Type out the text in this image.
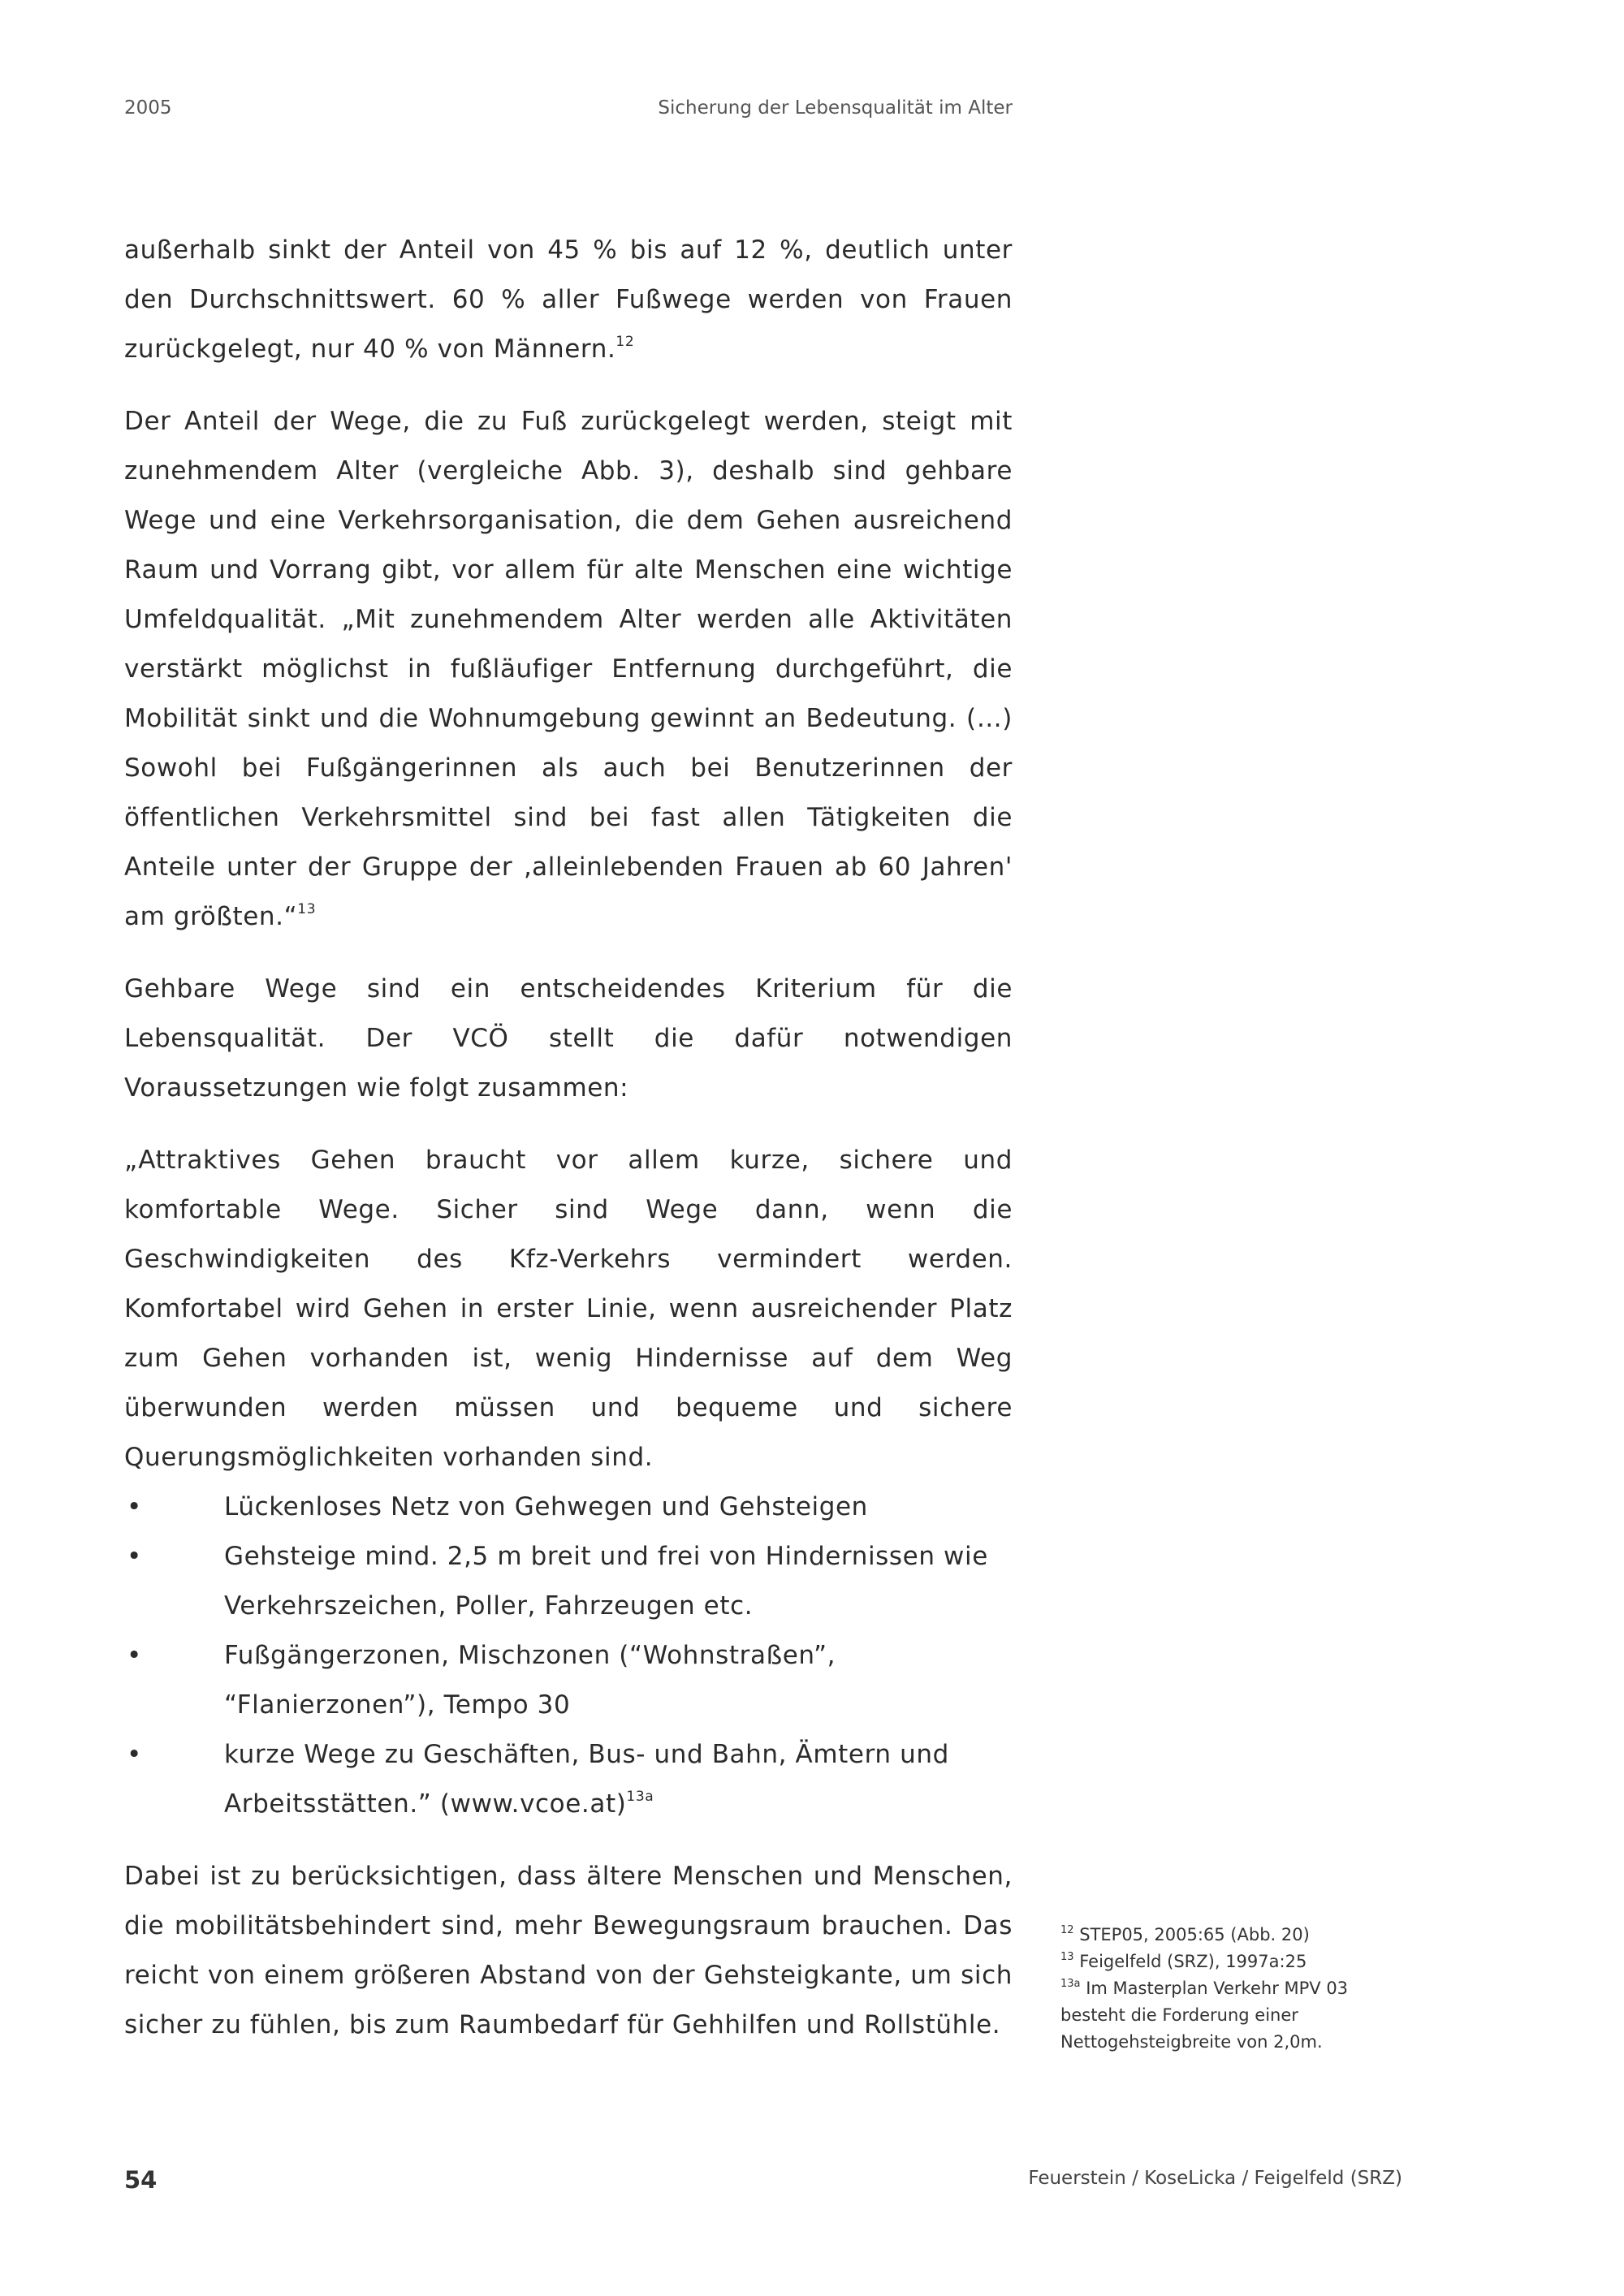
2005	Sicherung der Lebensqualität im Alter

außerhalb sinkt der Anteil von 45 % bis auf 12 %, deutlich unter den Durchschnittswert. 60 % aller Fußwege werden von Frauen zurückgelegt, nur 40 % von Männern.$^{12}$

Der Anteil der Wege, die zu Fuß zurückgelegt werden, steigt mit zunehmendem Alter (vergleiche Abb. 3), deshalb sind gehbare Wege und eine Verkehrsorganisation, die dem Gehen ausreichend Raum und Vorrang gibt, vor allem für alte Menschen eine wichtige Umfeldqualität. „Mit zunehmendem Alter werden alle Aktivitäten verstärkt möglichst in fußläufiger Entfernung durchgeführt, die Mobilität sinkt und die Wohnumgebung gewinnt an Bedeutung. (…) Sowohl bei Fußgängerinnen als auch bei Benutzerinnen der öffentlichen Verkehrsmittel sind bei fast allen Tätigkeiten die Anteile unter der Gruppe der ‚alleinlebenden Frauen ab 60 Jahren' am größten.“$^{13}$

Gehbare Wege sind ein entscheidendes Kriterium für die Lebensqualität. Der VCÖ stellt die dafür notwendigen Voraussetzungen wie folgt zusammen:

„Attraktives Gehen braucht vor allem kurze, sichere und komfortable Wege. Sicher sind Wege dann, wenn die Geschwindigkeiten des Kfz-Verkehrs vermindert werden. Komfortabel wird Gehen in erster Linie, wenn ausreichender Platz zum Gehen vorhanden ist, wenig Hindernisse auf dem Weg überwunden werden müssen und bequeme und sichere Querungsmöglichkeiten vorhanden sind.

•	Lückenloses Netz von Gehwegen und Gehsteigen
•	Gehsteige mind. 2,5 m breit und frei von Hindernissen wie Verkehrszeichen, Poller, Fahrzeugen etc.
•	Fußgängerzonen, Mischzonen (“Wohnstraßen”, “Flanierzonen”), Tempo 30
•	kurze Wege zu Geschäften, Bus- und Bahn, Ämtern und Arbeitsstätten.” (www.vcoe.at)$^{13a}$

Dabei ist zu berücksichtigen, dass ältere Menschen und Menschen, die mobilitätsbehindert sind, mehr Bewegungsraum brauchen. Das reicht von einem größeren Abstand von der Gehsteigkante, um sich sicher zu fühlen, bis zum Raumbedarf für Gehhilfen und Rollstühle.

$^{12}$ STEP05, 2005:65 (Abb. 20)

$^{13}$ Feigelfeld (SRZ), 1997a:25

$^{13a}$ Im Masterplan Verkehr MPV 03 besteht die Forderung einer Nettogehsteigbreite von 2,0m.

54	Feuerstein / KoseLicka / Feigelfeld (SRZ)
